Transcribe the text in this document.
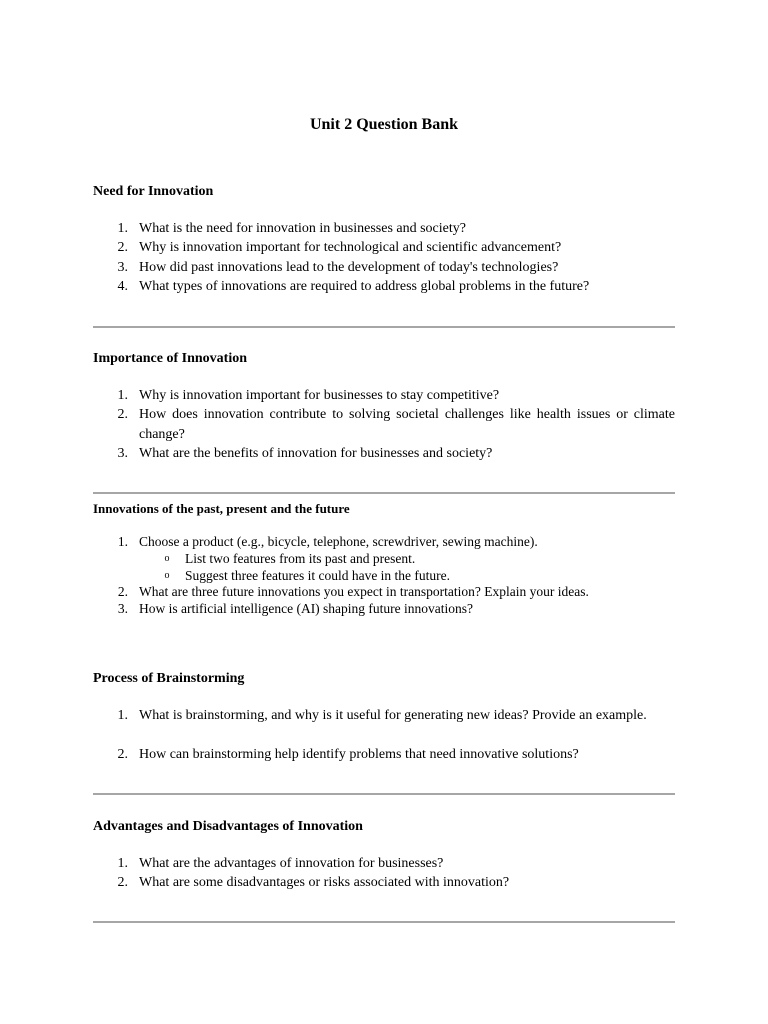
Unit 2 Question Bank
Need for Innovation
1. What is the need for innovation in businesses and society?
2. Why is innovation important for technological and scientific advancement?
3. How did past innovations lead to the development of today's technologies?
4. What types of innovations are required to address global problems in the future?
Importance of Innovation
1. Why is innovation important for businesses to stay competitive?
2. How does innovation contribute to solving societal challenges like health issues or climate change?
3. What are the benefits of innovation for businesses and society?
Innovations of the past, present and the future
1. Choose a product (e.g., bicycle, telephone, screwdriver, sewing machine).
o List two features from its past and present.
o Suggest three features it could have in the future.
2. What are three future innovations you expect in transportation? Explain your ideas.
3. How is artificial intelligence (AI) shaping future innovations?
Process of Brainstorming
1. What is brainstorming, and why is it useful for generating new ideas? Provide an example.
2. How can brainstorming help identify problems that need innovative solutions?
Advantages and Disadvantages of Innovation
1. What are the advantages of innovation for businesses?
2. What are some disadvantages or risks associated with innovation?
